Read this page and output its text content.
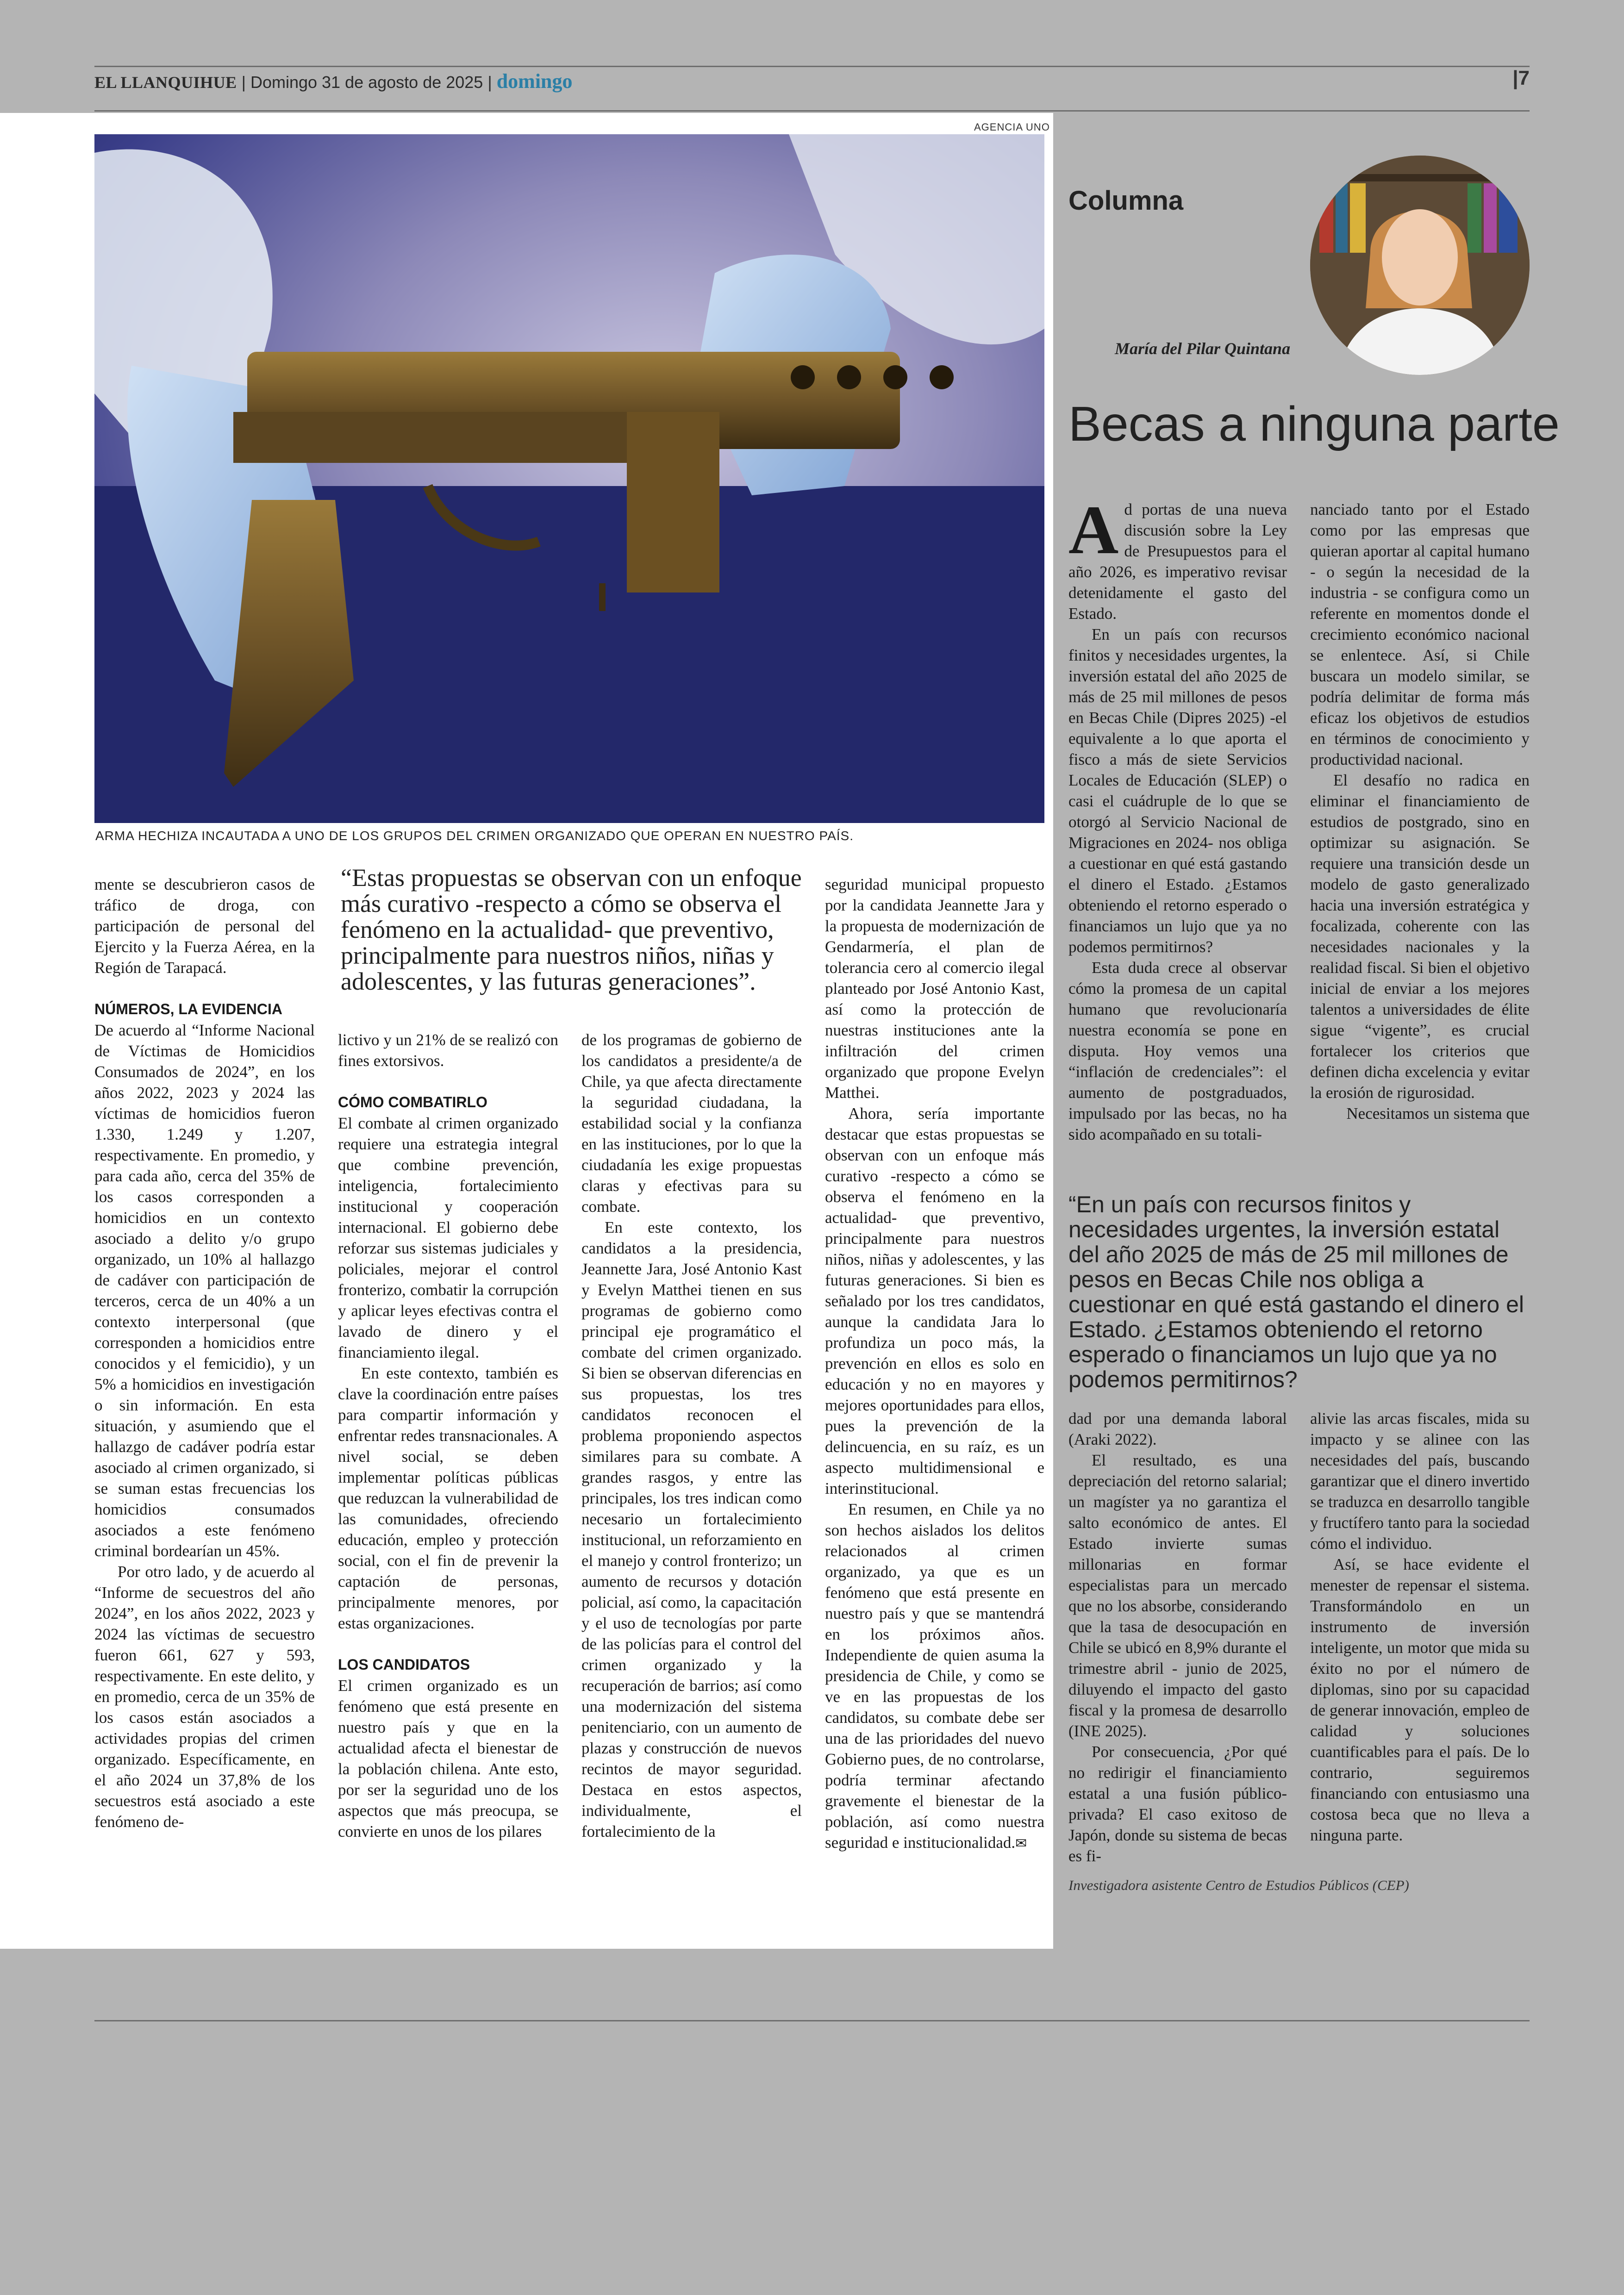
EL LLANQUIHUE | Domingo 31 de agosto de 2025 | domingo	|7
AGENCIA UNO
ARMA HECHIZA INCAUTADA A UNO DE LOS GRUPOS DEL CRIMEN ORGANIZADO QUE OPERAN EN NUESTRO PAÍS.
“Estas propuestas se observan con un enfoque más curativo -respecto a cómo se observa el fenómeno en la actualidad- que preventivo, principalmente para nuestros niños, niñas y adolescentes, y las futuras generaciones”.

mente se descubrieron casos de tráfico de droga, con participación de personal del Ejercito y la Fuerza Aérea, en la Región de Tarapacá.

NÚMEROS, LA EVIDENCIA

De acuerdo al “Informe Nacional de Víctimas de Homicidios Consumados de 2024”, en los años 2022, 2023 y 2024 las víctimas de homicidios fueron 1.330, 1.249 y 1.207, respectivamente. En promedio, y para cada año, cerca del 35% de los casos corresponden a homicidios en un contexto asociado a delito y/o grupo organizado, un 10% al hallazgo de cadáver con participación de terceros, cerca de un 40% a un contexto interpersonal (que corresponden a homicidios entre conocidos y el femicidio), y un 5% a homicidios en investigación o sin información. En esta situación, y asumiendo que el hallazgo de cadáver podría estar asociado al crimen organizado, si se suman estas frecuencias los homicidios consumados asociados a este fenómeno criminal bordearían un 45%.

Por otro lado, y de acuerdo al “Informe de secuestros del año 2024”, en los años 2022, 2023 y 2024 las víctimas de secuestro fueron 661, 627 y 593, respectivamente. En este delito, y en promedio, cerca de un 35% de los casos están asociados a actividades propias del crimen organizado. Específicamente, en el año 2024 un 37,8% de los secuestros está asociado a este fenómeno de-

lictivo y un 21% de se realizó con fines extorsivos.

CÓMO COMBATIRLO

El combate al crimen organizado requiere una estrategia integral que combine prevención, inteligencia, fortalecimiento institucional y cooperación internacional. El gobierno debe reforzar sus sistemas judiciales y policiales, mejorar el control fronterizo, combatir la corrupción y aplicar leyes efectivas contra el lavado de dinero y el financiamiento ilegal.

En este contexto, también es clave la coordinación entre países para compartir información y enfrentar redes transnacionales. A nivel social, se deben implementar políticas públicas que reduzcan la vulnerabilidad de las comunidades, ofreciendo educación, empleo y protección social, con el fin de prevenir la captación de personas, principalmente menores, por estas organizaciones.

LOS CANDIDATOS

El crimen organizado es un fenómeno que está presente en nuestro país y que en la actualidad afecta el bienestar de la población chilena. Ante esto, por ser la seguridad uno de los aspectos que más preocupa, se convierte en unos de los pilares

de los programas de gobierno de los candidatos a presidente/a de Chile, ya que afecta directamente la seguridad ciudadana, la estabilidad social y la confianza en las instituciones, por lo que la ciudadanía les exige propuestas claras y efectivas para su combate.

En este contexto, los candidatos a la presidencia, Jeannette Jara, José Antonio Kast y Evelyn Matthei tienen en sus programas de gobierno como principal eje programático el combate del crimen organizado. Si bien se observan diferencias en sus propuestas, los tres candidatos reconocen el problema proponiendo aspectos similares para su combate. A grandes rasgos, y entre las principales, los tres indican como necesario un fortalecimiento institucional, un reforzamiento en el manejo y control fronterizo; un aumento de recursos y dotación policial, así como, la capacitación y el uso de tecnologías por parte de las policías para el control del crimen organizado y la recuperación de barrios; así como una modernización del sistema penitenciario, con un aumento de plazas y construcción de nuevos recintos de mayor seguridad. Destaca en estos aspectos, individualmente, el fortalecimiento de la

seguridad municipal propuesto por la candidata Jeannette Jara y la propuesta de modernización de Gendarmería, el plan de tolerancia cero al comercio ilegal planteado por José Antonio Kast, así como la protección de nuestras instituciones ante la infiltración del crimen organizado que propone Evelyn Matthei.

Ahora, sería importante destacar que estas propuestas se observan con un enfoque más curativo -respecto a cómo se observa el fenómeno en la actualidad- que preventivo, principalmente para nuestros niños, niñas y adolescentes, y las futuras generaciones. Si bien es señalado por los tres candidatos, aunque la candidata Jara lo profundiza un poco más, la prevención en ellos es solo en educación y no en mayores y mejores oportunidades para ellos, pues la prevención de la delincuencia, en su raíz, es un aspecto multidimensional e interinstitucional.

En resumen, en Chile ya no son hechos aislados los delitos relacionados al crimen organizado, ya que es un fenómeno que está presente en nuestro país y que se mantendrá en los próximos años. Independiente de quien asuma la presidencia de Chile, y como se ve en las propuestas de los candidatos, su combate debe ser una de las prioridades del nuevo Gobierno pues, de no controlarse, podría terminar afectando gravemente el bienestar de la población, así como nuestra seguridad e institucionalidad.✉

Columna
María del Pilar Quintana
Becas a ninguna parte

Ad portas de una nueva discusión sobre la Ley de Presupuestos para el año 2026, es imperativo revisar detenidamente el gasto del Estado.

En un país con recursos finitos y necesidades urgentes, la inversión estatal del año 2025 de más de 25 mil millones de pesos en Becas Chile (Dipres 2025) -el equivalente a lo que aporta el fisco a más de siete Servicios Locales de Educación (SLEP) o casi el cuádruple de lo que se otorgó al Servicio Nacional de Migraciones en 2024- nos obliga a cuestionar en qué está gastando el dinero el Estado. ¿Estamos obteniendo el retorno esperado o financiamos un lujo que ya no podemos permitirnos?

Esta duda crece al observar cómo la promesa de un capital humano que revolucionaría nuestra economía se pone en disputa. Hoy vemos una “inflación de credenciales”: el aumento de postgraduados, impulsado por las becas, no ha sido acompañado en su totali-

nanciado tanto por el Estado como por las empresas que quieran aportar al capital humano - o según la necesidad de la industria - se configura como un referente en momentos donde el crecimiento económico nacional se enlentece. Así, si Chile buscara un modelo similar, se podría delimitar de forma más eficaz los objetivos de estudios en términos de conocimiento y productividad nacional.

El desafío no radica en eliminar el financiamiento de estudios de postgrado, sino en optimizar su asignación. Se requiere una transición desde un modelo de gasto generalizado hacia una inversión estratégica y focalizada, coherente con las necesidades nacionales y la realidad fiscal. Si bien el objetivo inicial de enviar a los mejores talentos a universidades de élite sigue “vigente”, es crucial fortalecer los criterios que definen dicha excelencia y evitar la erosión de rigurosidad.

Necesitamos un sistema que

“En un país con recursos finitos y necesidades urgentes, la inversión estatal del año 2025 de más de 25 mil millones de pesos en Becas Chile nos obliga a cuestionar en qué está gastando el dinero el Estado. ¿Estamos obteniendo el retorno esperado o financiamos un lujo que ya no podemos permitirnos?

dad por una demanda laboral (Araki 2022).

El resultado, es una depreciación del retorno salarial; un magíster ya no garantiza el salto económico de antes. El Estado invierte sumas millonarias en formar especialistas para un mercado que no los absorbe, considerando que la tasa de desocupación en Chile se ubicó en 8,9% durante el trimestre abril - junio de 2025, diluyendo el impacto del gasto fiscal y la promesa de desarrollo (INE 2025).

Por consecuencia, ¿Por qué no redirigir el financiamiento estatal a una fusión público-privada? El caso exitoso de Japón, donde su sistema de becas es fi-

alivie las arcas fiscales, mida su impacto y se alinee con las necesidades del país, buscando garantizar que el dinero invertido se traduzca en desarrollo tangible y fructífero tanto para la sociedad cómo el individuo.

Así, se hace evidente el menester de repensar el sistema. Transformándolo en un instrumento de inversión inteligente, un motor que mida su éxito no por el número de diplomas, sino por su capacidad de generar innovación, empleo de calidad y soluciones cuantificables para el país. De lo contrario, seguiremos financiando con entusiasmo una costosa beca que no lleva a ninguna parte.

Investigadora asistente Centro de Estudios Públicos (CEP)
